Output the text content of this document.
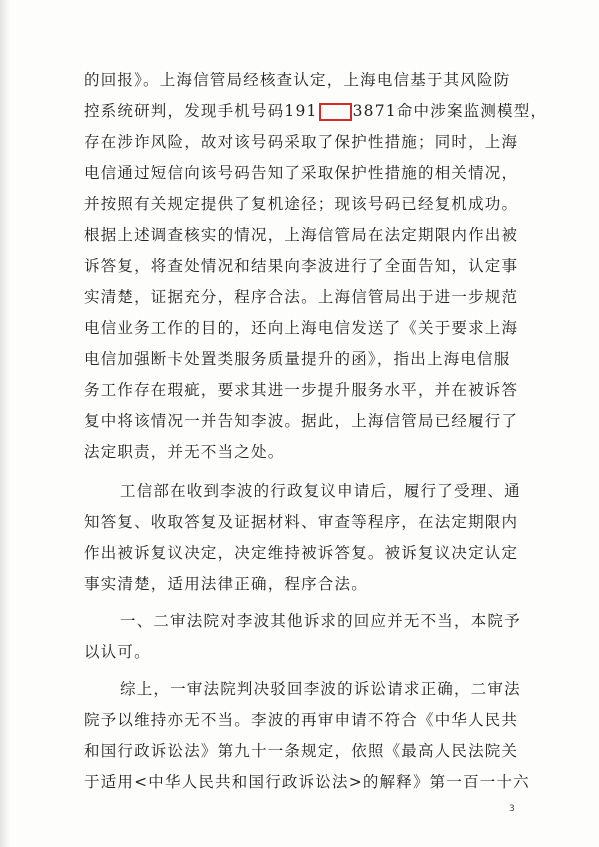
的回报》。上海信管局经核查认定，上海电信基于其风险防
控系统研判，发现手机号码191 3871命中涉案监测模型，
存在涉诈风险，故对该号码采取了保护性措施；同时，上海
电信通过短信向该号码告知了采取保护性措施的相关情况，
并按照有关规定提供了复机途径；现该号码已经复机成功。
根据上述调查核实的情况，上海信管局在法定期限内作出被
诉答复，将查处情况和结果向李波进行了全面告知，认定事
实清楚，证据充分，程序合法。上海信管局出于进一步规范
电信业务工作的目的，还向上海电信发送了《关于要求上海
电信加强断卡处置类服务质量提升的函》，指出上海电信服
务工作存在瑕疵，要求其进一步提升服务水平，并在被诉答
复中将该情况一并告知李波。据此，上海信管局已经履行了
法定职责，并无不当之处。
工信部在收到李波的行政复议申请后，履行了受理、通
知答复、收取答复及证据材料、审查等程序，在法定期限内
作出被诉复议决定，决定维持被诉答复。被诉复议决定认定
事实清楚，适用法律正确，程序合法。
一、二审法院对李波其他诉求的回应并无不当，本院予
以认可。
综上，一审法院判决驳回李波的诉讼请求正确，二审法
院予以维持亦无不当。李波的再审申请不符合《中华人民共
和国行政诉讼法》第九十一条规定，依照《最高人民法院关
于适用<中华人民共和国行政诉讼法>的解释》第一百一十六
3
